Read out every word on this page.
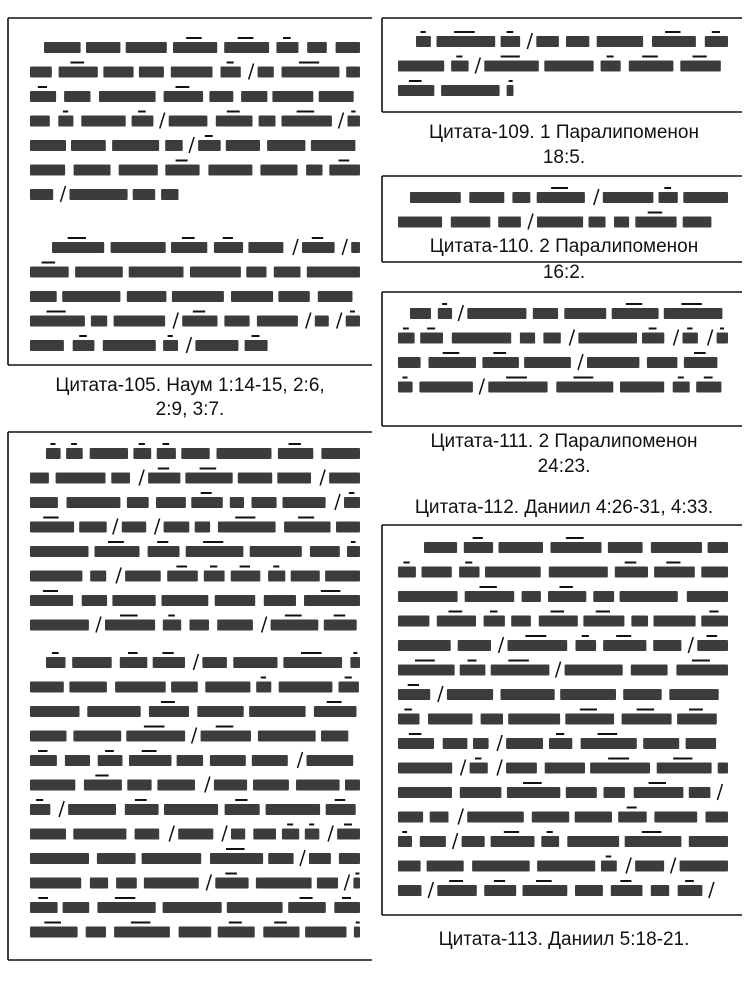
Цитата-105. Наум 1:14-15, 2:6,
2:9, 3:7.
Цитата-109. 1 Паралипоменон
18:5.
Цитата-110. 2 Паралипоменон
16:2.
Цитата-111. 2 Паралипоменон
24:23.
Цитата-112. Даниил 4:26-31, 4:33.
Цитата-113. Даниил 5:18-21.
